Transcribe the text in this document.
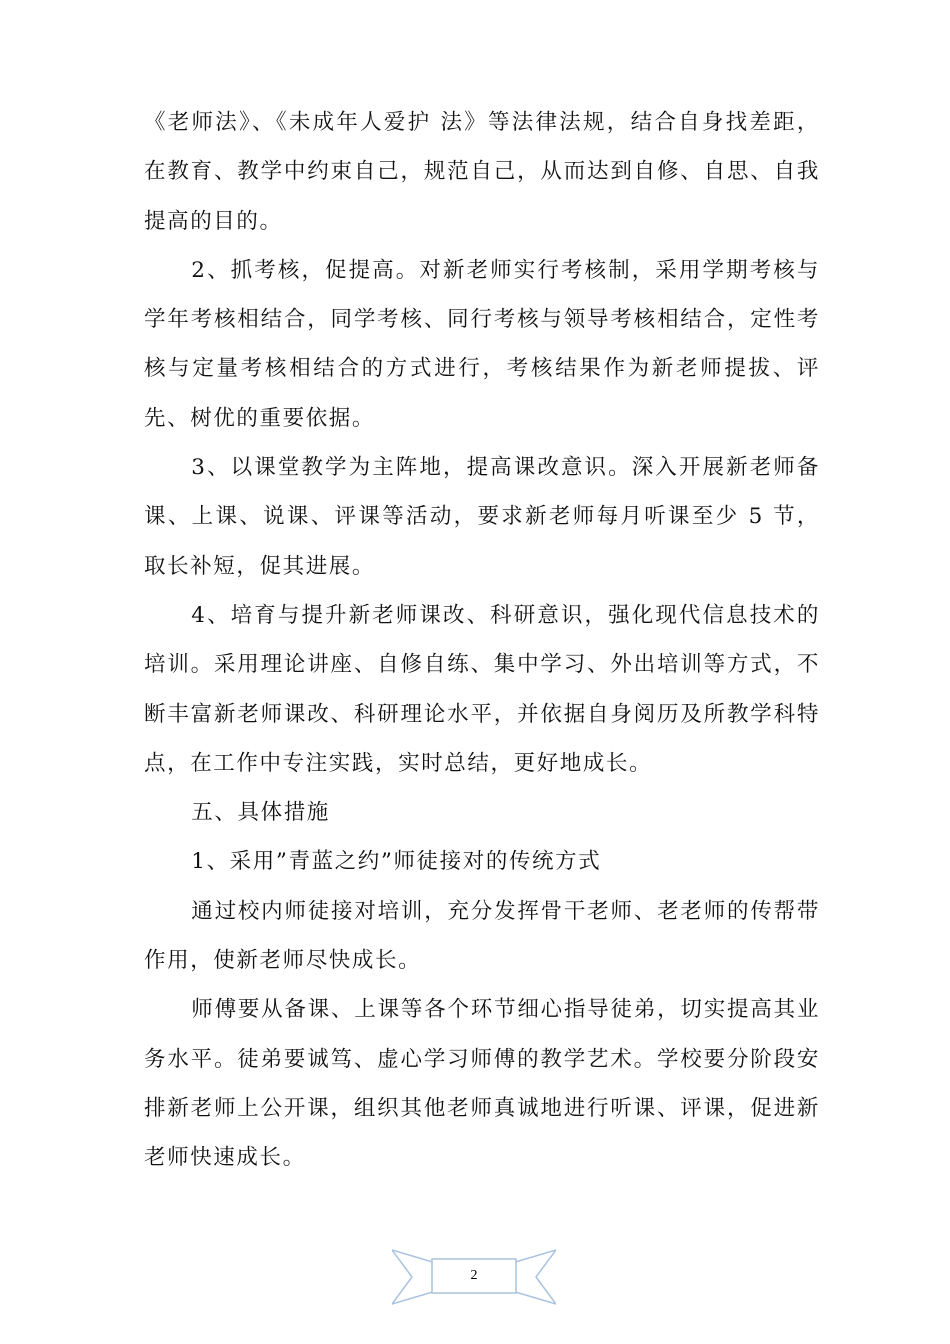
《老师法》、《未成年人爱护 法》等法律法规，结合自身找差距，在教育、教学中约束自己，规范自己，从而达到自修、自思、自我提高的目的。

2、抓考核，促提高。对新老师实行考核制，采用学期考核与学年考核相结合，同学考核、同行考核与领导考核相结合，定性考核与定量考核相结合的方式进行，考核结果作为新老师提拔、评先、树优的重要依据。

3、以课堂教学为主阵地，提高课改意识。深入开展新老师备课、上课、说课、评课等活动，要求新老师每月听课至少 5 节，取长补短，促其进展。

4、培育与提升新老师课改、科研意识，强化现代信息技术的培训。采用理论讲座、自修自练、集中学习、外出培训等方式，不断丰富新老师课改、科研理论水平，并依据自身阅历及所教学科特点，在工作中专注实践，实时总结，更好地成长。

五、具体措施

1、采用”青蓝之约”师徒接对的传统方式

通过校内师徒接对培训，充分发挥骨干老师、老老师的传帮带作用，使新老师尽快成长。

师傅要从备课、上课等各个环节细心指导徒弟，切实提高其业务水平。徒弟要诚笃、虚心学习师傅的教学艺术。学校要分阶段安排新老师上公开课，组织其他老师真诚地进行听课、评课，促进新老师快速成长。

2
